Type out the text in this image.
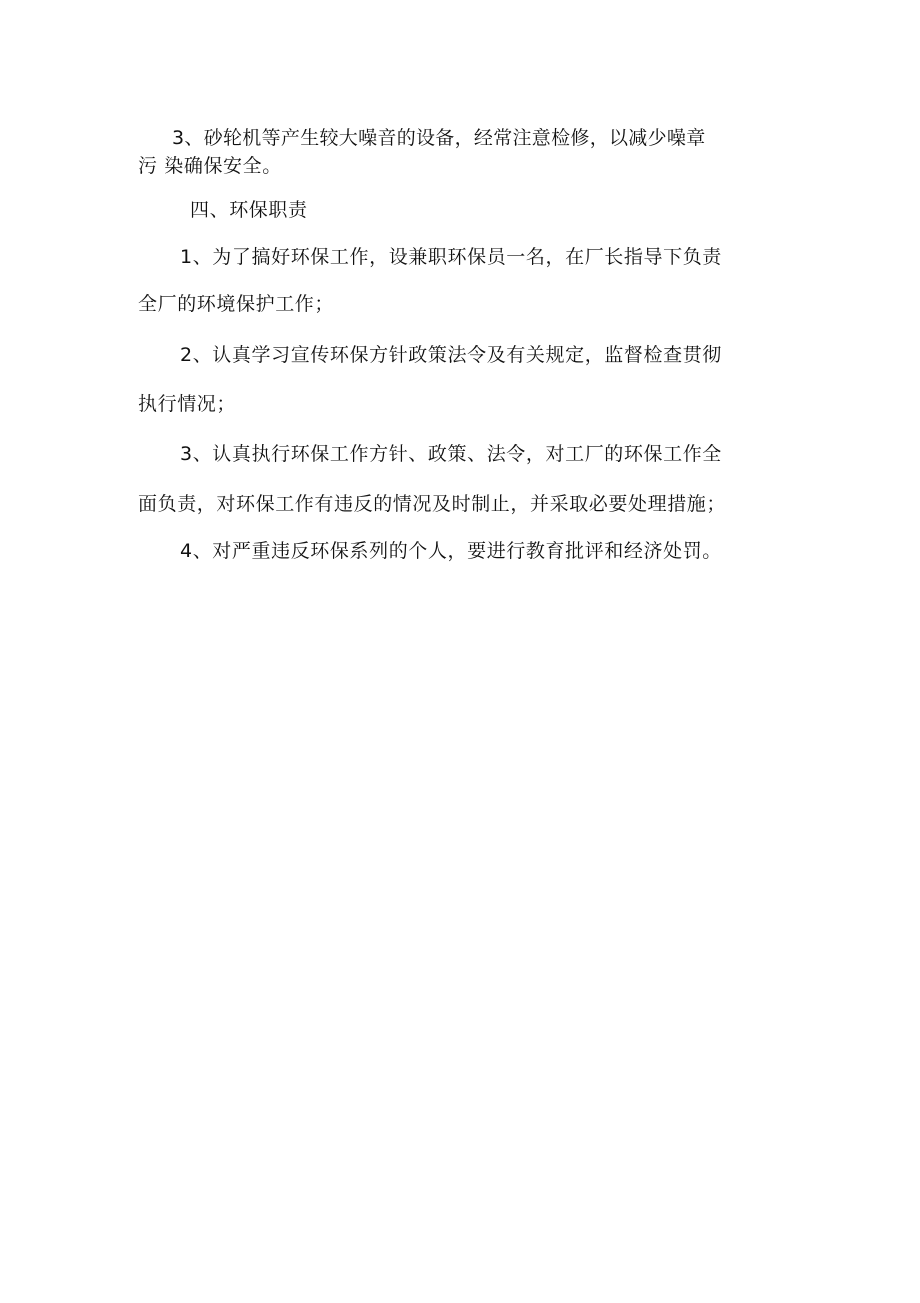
3、砂轮机等产生较大噪音的设备，经常注意检修，以减少噪章
污 染确保安全。
四、环保职责
1、为了搞好环保工作，设兼职环保员一名，在厂长指导下负责
全厂的环境保护工作；
2、认真学习宣传环保方针政策法令及有关规定，监督检查贯彻
执行情况；
3、认真执行环保工作方针、政策、法令，对工厂的环保工作全
面负责，对环保工作有违反的情况及时制止，并采取必要处理措施；
4、对严重违反环保系列的个人，要进行教育批评和经济处罚。
